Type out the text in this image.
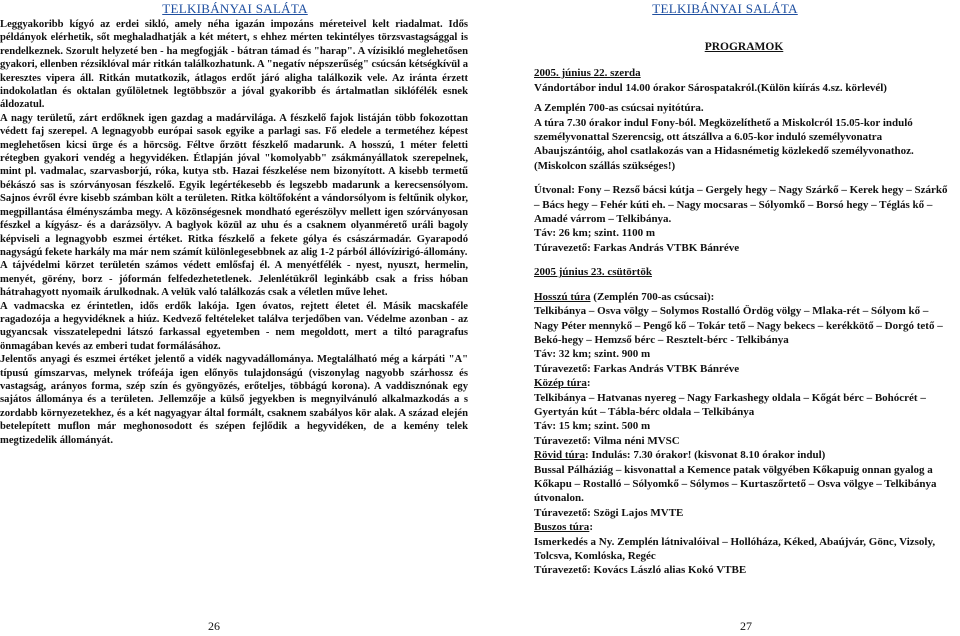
TELKIBÁNYAI SALÁTA

Leggyakoribb kígyó az erdei sikló, amely néha igazán impozáns méreteivel kelt riadalmat. Idős példányok elérhetik, sőt meghaladhatják a két métert, s ehhez mérten tekintélyes törzsvastagsággal is rendelkeznek. Szorult helyzeté ben - ha megfogják - bátran támad és "harap". A vízisikló meglehetősen gyakori, ellenben rézsiklóval már ritkán találkozhatunk. A "negatív népszerűség" csúcsán kétségkívül a keresztes vipera áll. Ritkán mutatkozik, átlagos erdőt járó aligha találkozik vele. Az iránta érzett indokolatlan és oktalan gyűlöletnek legtöbbször a jóval gyakoribb és ártalmatlan siklófélék esnek áldozatul.

A nagy területű, zárt erdőknek igen gazdag a madárvilága. A fészkelő fajok listáján több fokozottan védett faj szerepel. A legnagyobb európai sasok egyike a parlagi sas. Fő eledele a termetéhez képest meglehetősen kicsi ürge és a hörcsög. Féltve őrzött fészkelő madarunk. A hosszú, 1 méter feletti rétegben gyakori vendég a hegyvidéken. Étlapján jóval "komolyabb" zsákmányállatok szerepelnek, mint pl. vadmalac, szarvasborjú, róka, kutya stb. Hazai fészkelése nem bizonyított. A kisebb termetű békászó sas is szórványosan fészkelő. Egyik legértékesebb és legszebb madarunk a kerecsensólyom. Sajnos évről évre kisebb számban költ a területen. Ritka költőfoként a vándorsólyom is feltűnik olykor, megpillantása élményszámba megy. A közönségesnek mondható egerészölyv mellett igen szórványosan fészkel a kígyász- és a darázsölyv. A baglyok közül az uhu és a csaknem olyanmérető uráli bagoly képviseli a legnagyobb eszmei értéket. Ritka fészkelő a fekete gólya és császármadár. Gyarapodó nagyságú fekete harkály ma már nem számít különlegesebbnek az alig 1-2 párból állóvízirigó-állomány.

A tájvédelmi körzet területén számos védett emlősfaj él. A menyétfélék - nyest, nyuszt, hermelin, menyét, görény, borz - jóformán felfedezhetetlenek. Jelenlétükről leginkább csak a friss hóban hátrahagyott nyomaik árulkodnak. A velük való találkozás csak a véletlen műve lehet.

A vadmacska ez érintetlen, idős erdők lakója. Igen óvatos, rejtett életet él. Másik macskaféle ragadozója a hegyvidéknek a hiúz. Kedvező feltételeket találva terjedőben van. Védelme azonban - az ugyancsak visszatelepedni látszó farkassal egyetemben - nem megoldott, mert a tiltó paragrafus önmagában kevés az emberi tudat formálásához.

Jelentős anyagi és eszmei értéket jelentő a vidék nagyvadállománya. Megtalálható még a kárpáti "A" típusú gímszarvas, melynek trófeája igen előnyös tulajdonságú (viszonylag nagyobb szárhossz és vastagság, arányos forma, szép szín és gyöngyözés, erőteljes, többágú korona). A vaddisznónak egy sajátos állománya és a területen. Jellemzője a külső jegyekben is megnyilvánuló alkalmazkodás a s zordabb környezetekhez, és a két nagyagyar által formált, csaknem szabályos kör alak. A század elején betelepített muflon már meghonosodott és szépen fejlődik a hegyvidéken, de a kemény telek megtizedelik állományát.

26
TELKIBÁNYAI SALÁTA

PROGRAMOK

2005. június 22. szerda

Vándortábor indul 14.00 órakor Sárospatakról.(Külön kiírás 4.sz. körlevél)

A Zemplén 700-as csúcsai nyitótúra.

A túra 7.30 órakor indul Fony-ból. Megközelíthető a Miskolcról 15.05-kor induló személyvonattal Szerencsig, ott átszállva a 6.05-kor induló személyvonatra Abaujszántóig, ahol csatlakozás van a Hidasnémetig közlekedő személyvonathoz. (Miskolcon szállás szükséges!)

Útvonal: Fony – Rezső bácsi kútja – Gergely hegy – Nagy Szárkő – Kerek hegy – Szárkő – Bács hegy – Fehér kúti eh. – Nagy mocsaras – Sólyomkő – Borsó hegy – Téglás kő – Amadé várrom – Telkibánya.

Táv: 26 km; szint. 1100 m

Túravezető: Farkas András VTBK Bánréve

2005 június 23. csütörtök

Hosszú túra (Zemplén 700-as csúcsai):

Telkibánya – Osva völgy – Solymos Rostalló Ördög völgy – Mlaka-rét – Sólyom kő – Nagy Péter mennykő – Pengő kő – Tokár tető – Nagy bekecs – kerékkötő – Dorgó tető – Bekó-hegy – Hemzső bérc – Resztelt-bérc - Telkibánya

Táv: 32 km; szint. 900 m

Túravezető: Farkas András VTBK Bánréve

Közép túra:

Telkibánya – Hatvanas nyereg – Nagy Farkashegy oldala – Kőgát bérc – Bohócrét – Gyertyán kút – Tábla-bérc oldala – Telkibánya

Táv: 15 km; szint. 500 m

Túravezető: Vilma néni MVSC

Rövid túra: Indulás: 7.30 órakor! (kisvonat 8.10 órakor indul)

Bussal Pálháziág – kisvonattal a Kemence patak völgyében Kőkapuig onnan gyalog a Kőkapu – Rostalló – Sólyomkő – Sólymos – Kurtaszőrtető – Osva völgye – Telkibánya útvonalon.

Túravezető: Szögi Lajos MVTE

Buszos túra:

Ismerkedés a Ny. Zemplén látnivalóival – Hollóháza, Kéked, Abaújvár, Gönc, Vizsoly, Tolcsva, Komlóska, Regéc

Túravezető: Kovács László alias Kokó VTBE

27
